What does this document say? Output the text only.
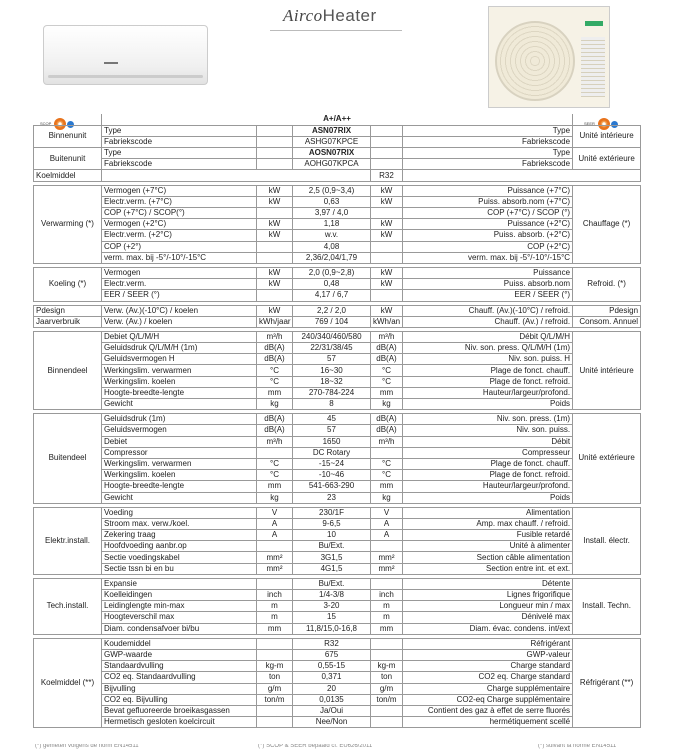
AircoHeater
SCOP	SEER
	A+/A++						
Binnenunit	Type		ASN07RIX		Type	Unité intérieure	
	Fabriekscode		ASHG07KPCE		Fabriekscode		
Buitenunit	Type		AOSN07RIX		Type	Unité extérieure	
	Fabriekscode		AOHG07KPCA		Fabriekscode		
Koelmiddel				R32		

Verwarming (*)	Vermogen (+7°C)	kW	2,5 (0,9~3,4)	kW	Puissance (+7°C)	Chauffage (*)	
	Electr.verm. (+7°C)	kW	0,63	kW	Puiss. absorb.nom (+7°C)		
	COP (+7°C) / SCOP(°)		3,97 / 4,0		COP (+7°C) / SCOP (°)		
	Vermogen (+2°C)	kW	1,18	kW	Puissance (+2°C)		
	Electr.verm. (+2°C)	kW	w.v.	kW	Puiss. absorb. (+2°C)		
	COP (+2°)		4,08		COP (+2°C)		
	verm. max. bij -5°/-10°/-15°C		2,36/2,04/1,79		verm. max. bij -5°/-10°/-15°C		

Koeling (*)	Vermogen	kW	2,0 (0,9~2,8)	kW	Puissance	Refroid. (*)	
	Electr.verm.	kW	0,48	kW	Puiss. absorb.nom		
	EER / SEER (°)		4,17 / 6,7		EER / SEER (°)		

Pdesign	Verw. (Av.)(-10°C) / koelen	kW	2,2 / 2,0	kW	Chauff. (Av.)(-10°C) / refroid.	Pdesign	
Jaarverbruik	Verw. (Av.) / koelen	kWh/jaar	769 / 104	kWh/an	Chauff. (Av.) / refroid.	Consom. Annuel	

Binnendeel	Debiet Q/L/M/H	m³/h	240/340/460/580	m³/h	Débit Q/L/M/H	Unité intérieure	
	Geluidsdruk Q/L/M/H (1m)	dB(A)	22/31/38/45	dB(A)	Niv. son. press. Q/L/M/H (1m)		
	Geluidsvermogen H	dB(A)	57	dB(A)	Niv. son. puiss. H		
	Werkingslim. verwarmen	°C	16~30	°C	Plage de fonct. chauff.		
	Werkingslim. koelen	°C	18~32	°C	Plage de fonct. refroid.		
	Hoogte-breedte-lengte	mm	270-784-224	mm	Hauteur/largeur/profond.		
	Gewicht	kg	8	kg	Poids		

Buitendeel	Geluidsdruk (1m)	dB(A)	45	dB(A)	Niv. son. press. (1m)	Unité extérieure	
	Geluidsvermogen	dB(A)	57	dB(A)	Niv. son. puiss.		
	Debiet	m³/h	1650	m³/h	Débit		
	Compressor		DC Rotary		Compresseur		
	Werkingslim. verwarmen	°C	-15~24	°C	Plage de fonct. chauff.		
	Werkingslim. koelen	°C	-10~46	°C	Plage de fonct. refroid.		
	Hoogte-breedte-lengte	mm	541-663-290	mm	Hauteur/largeur/profond.		
	Gewicht	kg	23	kg	Poids		

Elektr.install.	Voeding	V	230/1F	V	Alimentation	Install. électr.	
	Stroom max. verw./koel.	A	9-6,5	A	Amp. max chauff. / refroid.		
	Zekering traag	A	10	A	Fusible retardé		
	Hoofdvoeding aanbr.op		Bu/Ext.		Unité à alimenter		
	Sectie voedingskabel	mm²	3G1,5	mm²	Section câble alimentation		
	Sectie tssn bi en bu	mm²	4G1,5	mm²	Section entre int. et ext.		

Tech.install.	Expansie		Bu/Ext.		Détente	Install. Techn.	
	Koelleidingen	inch	1/4-3/8	inch	Lignes frigorifique		
	Leidinglengte min-max	m	3-20	m	Longueur min / max		
	Hoogteverschil max	m	15	m	Dénivelé max		
	Diam. condensafvoer bi/bu	mm	11,8/15,0-16,8	mm	Diam. évac. condens. int/ext		

Koelmiddel (**)	Koudemiddel		R32		Réfrigérant	Réfrigérant (**)	
	GWP-waarde		675		GWP-valeur		
	Standaardvulling	kg-m	0,55-15	kg-m	Charge standard		
	CO2 eq. Standaardvulling	ton	0,371	ton	CO2 eq. Charge standard		
	Bijvulling	g/m	20	g/m	Charge supplémentaire		
	CO2 eq. Bijvulling	ton/m	0,0135	ton/m	CO2-eq Charge supplémentaire		
	Bevat gefluoreerde broeikasgassen		Ja/Oui		Contient des gaz à effet de serre fluorés		
	Hermetisch gesloten koelcircuit		Nee/Non		hermétiquement scellé		
(*) gemeten volgens de norm EN14511	(°) SCOP & SEER bepaald cf. EU626/2011	(*) suivant la norme EN14511
